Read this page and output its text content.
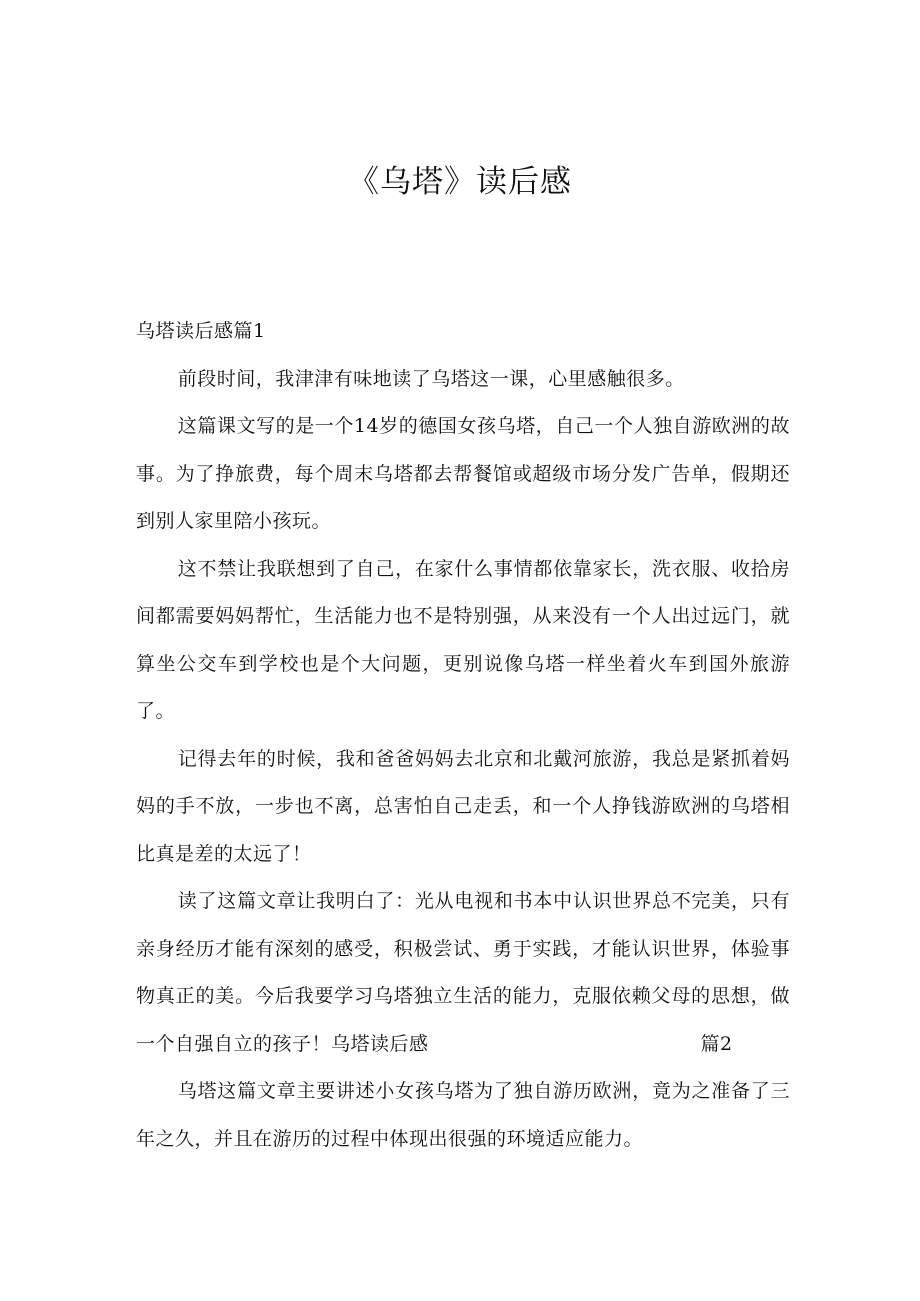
《乌塔》读后感
乌塔读后感篇1

前段时间，我津津有味地读了乌塔这一课，心里感触很多。

这篇课文写的是一个14岁的德国女孩乌塔，自己一个人独自游欧洲的故事。为了挣旅费，每个周末乌塔都去帮餐馆或超级市场分发广告单，假期还到别人家里陪小孩玩。

这不禁让我联想到了自己，在家什么事情都依靠家长，洗衣服、收拾房间都需要妈妈帮忙，生活能力也不是特别强，从来没有一个人出过远门，就算坐公交车到学校也是个大问题，更别说像乌塔一样坐着火车到国外旅游了。

记得去年的时候，我和爸爸妈妈去北京和北戴河旅游，我总是紧抓着妈妈的手不放，一步也不离，总害怕自己走丢，和一个人挣钱游欧洲的乌塔相比真是差的太远了！

读了这篇文章让我明白了：光从电视和书本中认识世界总不完美，只有亲身经历才能有深刻的感受，积极尝试、勇于实践，才能认识世界，体验事物真正的美。今后我要学习乌塔独立生活的能力，克服依赖父母的思想，做一个自强自立的孩子！乌塔读后感	篇2

乌塔这篇文章主要讲述小女孩乌塔为了独自游历欧洲，竟为之准备了三年之久，并且在游历的过程中体现出很强的环境适应能力。
